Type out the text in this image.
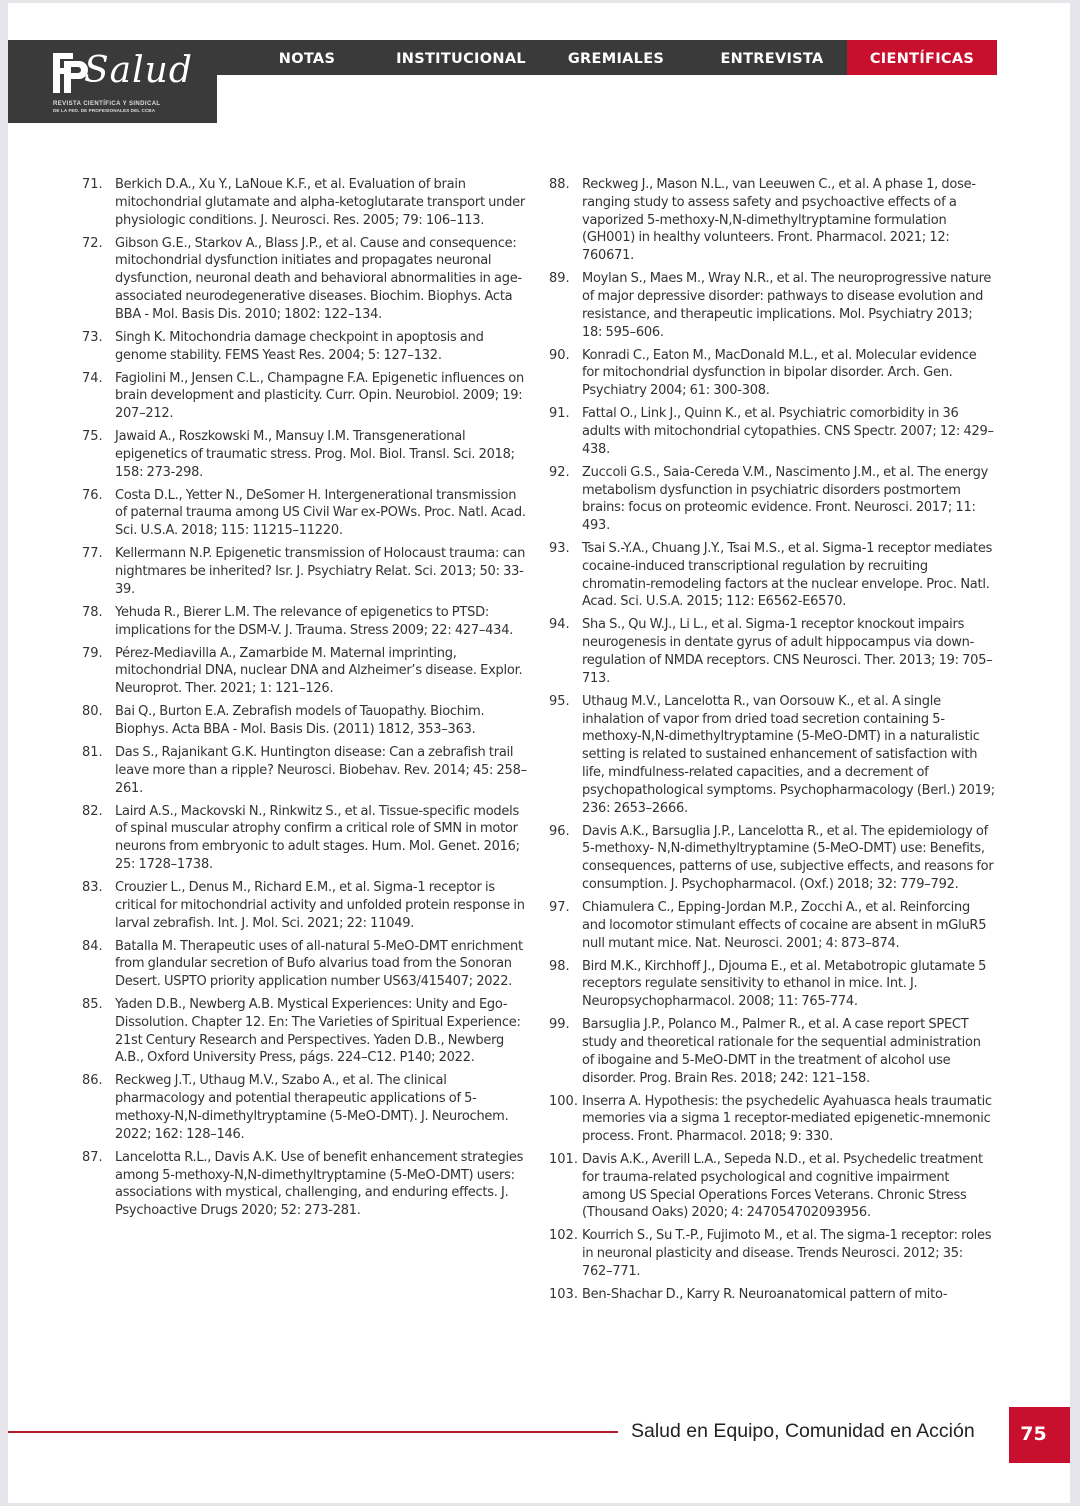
Salud
REVISTA CIENTÍFICA Y SINDICAL
DE LA FED. DE PROFESIONALES DEL CCBA
NOTAS	INSTITUCIONAL	GREMIALES	ENTREVISTA	CIENTÍFICAS
71. Berkich D.A., Xu Y., LaNoue K.F., et al. Evaluation of brain mitochondrial glutamate and alpha-ketoglutarate transport under physiologic conditions. J. Neurosci. Res. 2005; 79: 106–113.
72. Gibson G.E., Starkov A., Blass J.P., et al. Cause and consequence: mitochondrial dysfunction initiates and propagates neuronal dysfunction, neuronal death and behavioral abnormalities in age-associated neurodegenerative diseases. Biochim. Biophys. Acta BBA - Mol. Basis Dis. 2010; 1802: 122–134.
73. Singh K. Mitochondria damage checkpoint in apoptosis and genome stability. FEMS Yeast Res. 2004; 5: 127–132.
74. Fagiolini M., Jensen C.L., Champagne F.A. Epigenetic influences on brain development and plasticity. Curr. Opin. Neurobiol. 2009; 19: 207–212.
75. Jawaid A., Roszkowski M., Mansuy I.M. Transgenerational epigenetics of traumatic stress. Prog. Mol. Biol. Transl. Sci. 2018; 158: 273-298.
76. Costa D.L., Yetter N., DeSomer H. Intergenerational transmission of paternal trauma among US Civil War ex-POWs. Proc. Natl. Acad. Sci. U.S.A. 2018; 115: 11215–11220.
77. Kellermann N.P. Epigenetic transmission of Holocaust trauma: can nightmares be inherited? Isr. J. Psychiatry Relat. Sci. 2013; 50: 33-39.
78. Yehuda R., Bierer L.M. The relevance of epigenetics to PTSD: implications for the DSM-V. J. Trauma. Stress 2009; 22: 427–434.
79. Pérez-Mediavilla A., Zamarbide M. Maternal imprinting, mitochondrial DNA, nuclear DNA and Alzheimer’s disease. Explor. Neuroprot. Ther. 2021; 1: 121–126.
80. Bai Q., Burton E.A. Zebrafish models of Tauopathy. Biochim. Biophys. Acta BBA - Mol. Basis Dis. (2011) 1812, 353–363.
81. Das S., Rajanikant G.K. Huntington disease: Can a zebrafish trail leave more than a ripple? Neurosci. Biobehav. Rev. 2014; 45: 258–261.
82. Laird A.S., Mackovski N., Rinkwitz S., et al. Tissue-specific models of spinal muscular atrophy confirm a critical role of SMN in motor neurons from embryonic to adult stages. Hum. Mol. Genet. 2016; 25: 1728–1738.
83. Crouzier L., Denus M., Richard E.M., et al. Sigma-1 receptor is critical for mitochondrial activity and unfolded protein response in larval zebrafish. Int. J. Mol. Sci. 2021; 22: 11049.
84. Batalla M. Therapeutic uses of all-natural 5-MeO-DMT enrichment from glandular secretion of Bufo alvarius toad from the Sonoran Desert. USPTO priority application number US63/415407; 2022.
85. Yaden D.B., Newberg A.B. Mystical Experiences: Unity and Ego-Dissolution. Chapter 12. En: The Varieties of Spiritual Experience: 21st Century Research and Perspectives. Yaden D.B., Newberg A.B., Oxford University Press, págs. 224–C12. P140; 2022.
86. Reckweg J.T., Uthaug M.V., Szabo A., et al. The clinical pharmacology and potential therapeutic applications of 5-methoxy-N,N-dimethyltryptamine (5-MeO-DMT). J. Neurochem. 2022; 162: 128–146.
87. Lancelotta R.L., Davis A.K. Use of benefit enhancement strategies among 5-methoxy-N,N-dimethyltryptamine (5-MeO-DMT) users: associations with mystical, challenging, and enduring effects. J. Psychoactive Drugs 2020; 52: 273-281.
88. Reckweg J., Mason N.L., van Leeuwen C., et al. A phase 1, dose-ranging study to assess safety and psychoactive effects of a vaporized 5-methoxy-N,N-dimethyltryptamine formulation (GH001) in healthy volunteers. Front. Pharmacol. 2021; 12: 760671.
89. Moylan S., Maes M., Wray N.R., et al. The neuroprogressive nature of major depressive disorder: pathways to disease evolution and resistance, and therapeutic implications. Mol. Psychiatry 2013; 18: 595–606.
90. Konradi C., Eaton M., MacDonald M.L., et al. Molecular evidence for mitochondrial dysfunction in bipolar disorder. Arch. Gen. Psychiatry 2004; 61: 300-308.
91. Fattal O., Link J., Quinn K., et al. Psychiatric comorbidity in 36 adults with mitochondrial cytopathies. CNS Spectr. 2007; 12: 429–438.
92. Zuccoli G.S., Saia-Cereda V.M., Nascimento J.M., et al. The energy metabolism dysfunction in psychiatric disorders postmortem brains: focus on proteomic evidence. Front. Neurosci. 2017; 11: 493.
93. Tsai S.-Y.A., Chuang J.Y., Tsai M.S., et al. Sigma-1 receptor mediates cocaine-induced transcriptional regulation by recruiting chromatin-remodeling factors at the nuclear envelope. Proc. Natl. Acad. Sci. U.S.A. 2015; 112: E6562-E6570.
94. Sha S., Qu W.J., Li L., et al. Sigma-1 receptor knockout impairs neurogenesis in dentate gyrus of adult hippocampus via down-regulation of NMDA receptors. CNS Neurosci. Ther. 2013; 19: 705–713.
95. Uthaug M.V., Lancelotta R., van Oorsouw K., et al. A single inhalation of vapor from dried toad secretion containing 5-methoxy-N,N-dimethyltryptamine (5-MeO-DMT) in a naturalistic setting is related to sustained enhancement of satisfaction with life, mindfulness-related capacities, and a decrement of psychopathological symptoms. Psychopharmacology (Berl.) 2019; 236: 2653–2666.
96. Davis A.K., Barsuglia J.P., Lancelotta R., et al. The epidemiology of 5-methoxy- N,N-dimethyltryptamine (5-MeO-DMT) use: Benefits, consequences, patterns of use, subjective effects, and reasons for consumption. J. Psychopharmacol. (Oxf.) 2018; 32: 779–792.
97. Chiamulera C., Epping-Jordan M.P., Zocchi A., et al. Reinforcing and locomotor stimulant effects of cocaine are absent in mGluR5 null mutant mice. Nat. Neurosci. 2001; 4: 873–874.
98. Bird M.K., Kirchhoff J., Djouma E., et al. Metabotropic glutamate 5 receptors regulate sensitivity to ethanol in mice. Int. J. Neuropsychopharmacol. 2008; 11: 765-774.
99. Barsuglia J.P., Polanco M., Palmer R., et al. A case report SPECT study and theoretical rationale for the sequential administration of ibogaine and 5-MeO-DMT in the treatment of alcohol use disorder. Prog. Brain Res. 2018; 242: 121–158.
100. Inserra A. Hypothesis: the psychedelic Ayahuasca heals traumatic memories via a sigma 1 receptor-mediated epigenetic-mnemonic process. Front. Pharmacol. 2018; 9: 330.
101. Davis A.K., Averill L.A., Sepeda N.D., et al. Psychedelic treatment for trauma-related psychological and cognitive impairment among US Special Operations Forces Veterans. Chronic Stress (Thousand Oaks) 2020; 4: 247054702093956.
102. Kourrich S., Su T.-P., Fujimoto M., et al. The sigma-1 receptor: roles in neuronal plasticity and disease. Trends Neurosci. 2012; 35: 762–771.
103. Ben-Shachar D., Karry R. Neuroanatomical pattern of mito-
Salud en Equipo, Comunidad en Acción	75
